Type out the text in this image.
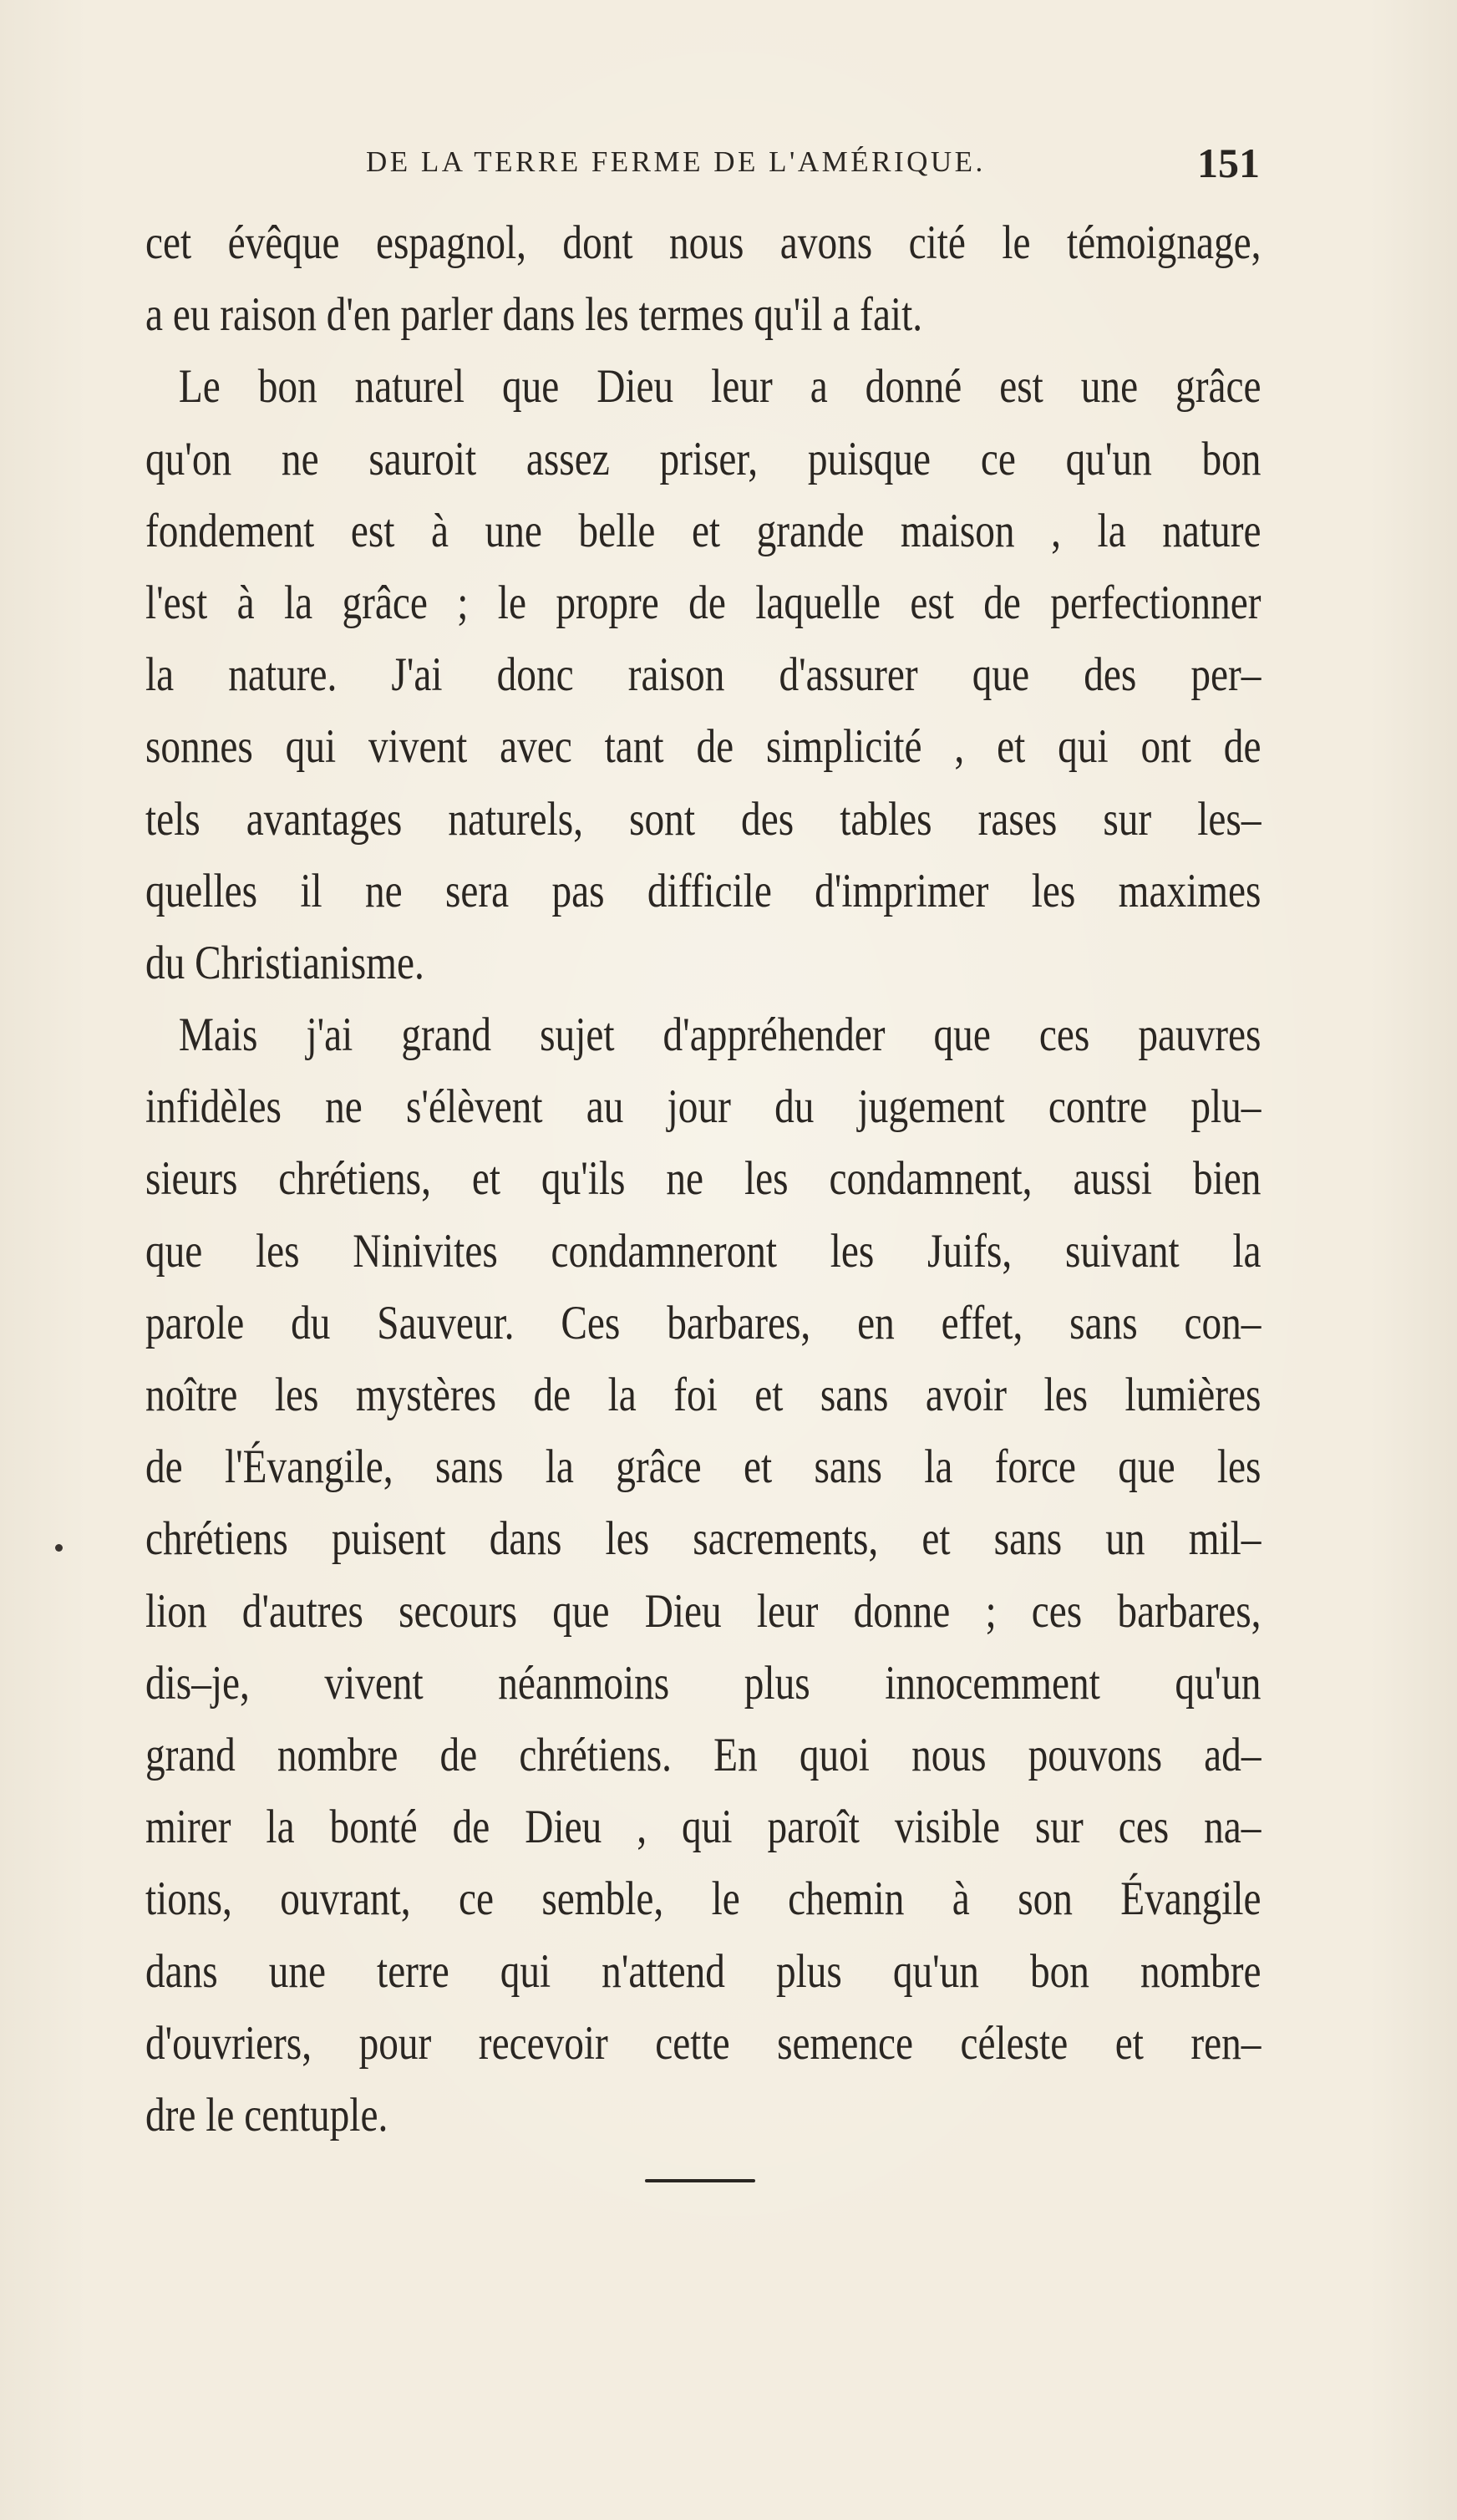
DE LA TERRE FERME DE L'AMÉRIQUE.	151
cet évêque espagnol, dont nous avons cité le témoignage,
a eu raison d'en parler dans les termes qu'il a fait.
Le bon naturel que Dieu leur a donné est une grâce
qu'on ne sauroit assez priser, puisque ce qu'un bon
fondement est à une belle et grande maison , la nature
l'est à la grâce ; le propre de laquelle est de perfectionner
la nature. J'ai donc raison d'assurer que des per–
sonnes qui vivent avec tant de simplicité , et qui ont de
tels avantages naturels, sont des tables rases sur les–
quelles il ne sera pas difficile d'imprimer les maximes
du Christianisme.
Mais j'ai grand sujet d'appréhender que ces pauvres
infidèles ne s'élèvent au jour du jugement contre plu–
sieurs chrétiens, et qu'ils ne les condamnent, aussi bien
que les Ninivites condamneront les Juifs, suivant la
parole du Sauveur. Ces barbares, en effet, sans con–
noître les mystères de la foi et sans avoir les lumières
de l'Évangile, sans la grâce et sans la force que les
chrétiens puisent dans les sacrements, et sans un mil–
lion d'autres secours que Dieu leur donne ; ces barbares,
dis–je, vivent néanmoins plus innocemment qu'un
grand nombre de chrétiens. En quoi nous pouvons ad–
mirer la bonté de Dieu , qui paroît visible sur ces na–
tions, ouvrant, ce semble, le chemin à son Évangile
dans une terre qui n'attend plus qu'un bon nombre
d'ouvriers, pour recevoir cette semence céleste et ren–
dre le centuple.
